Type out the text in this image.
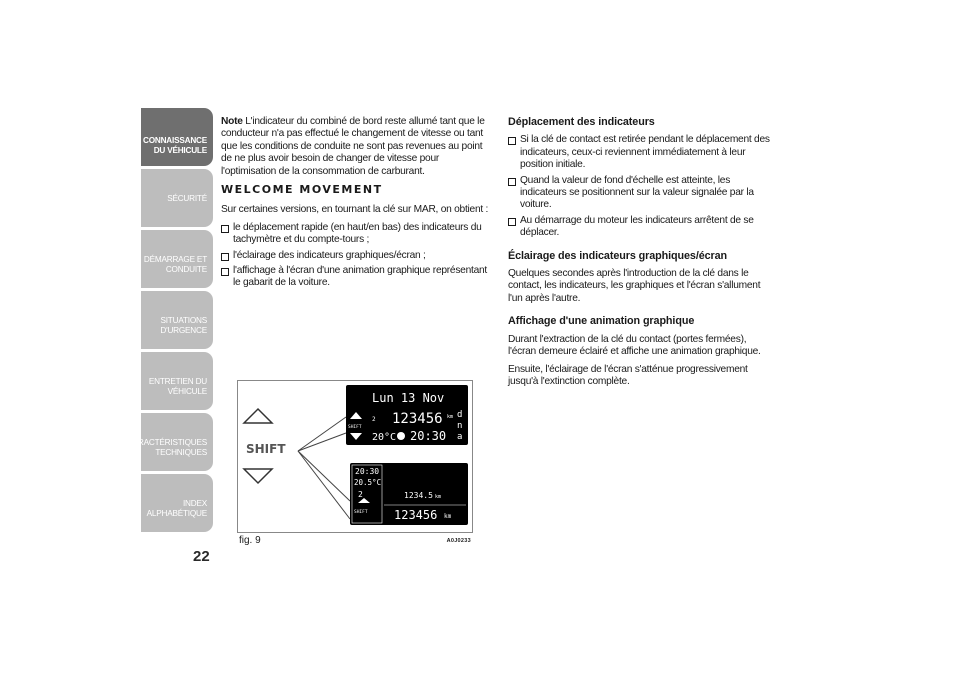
CONNAISSANCE
DU VÉHICULE
SÉCURITÉ
DÉMARRAGE ET
CONDUITE
SITUATIONS
D'URGENCE
ENTRETIEN DU
VÉHICULE
CARACTÉRISTIQUES
TECHNIQUES
INDEX
ALPHABÉTIQUE
22

Note L'indicateur du combiné de bord reste allumé tant que le conducteur n'a pas effectué le changement de vitesse ou tant que les conditions de conduite ne sont pas revenues au point de ne plus avoir besoin de changer de vitesse pour l'optimisation de la consommation de carburant.

WELCOME MOVEMENT

Sur certaines versions, en tournant la clé sur MAR, on obtient :

le déplacement rapide (en haut/en bas) des indicateurs du tachymètre et du compte-tours ;
l'éclairage des indicateurs graphiques/écran ;
l'affichage à l'écran d'une animation graphique représentant le gabarit de la voiture.
Déplacement des indicateurs
Si la clé de contact est retirée pendant le déplacement des indicateurs, ceux-ci reviennent immédiatement à leur position initiale.
Quand la valeur de fond d'échelle est atteinte, les indicateurs se positionnent sur la valeur signalée par la voiture.
Au démarrage du moteur les indicateurs arrêtent de se déplacer.
Éclairage des indicateurs graphiques/écran

Quelques secondes après l'introduction de la clé dans le contact, les indicateurs, les graphiques et l'écran s'allument l'un après l'autre.

Affichage d'une animation graphique

Durant l'extraction de la clé du contact (portes fermées), l'écran demeure éclairé et affiche une animation graphique.

Ensuite, l'éclairage de l'écran s'atténue progressivement jusqu'à l'extinction complète.

SHIFT
Lun 13 Nov
2 123456 km
20°C 20:30
d
n
a
SHIFT
20:30
20.5°C
2
SHIFT
1234.5 km
123456 km
fig. 9	A0J0233
